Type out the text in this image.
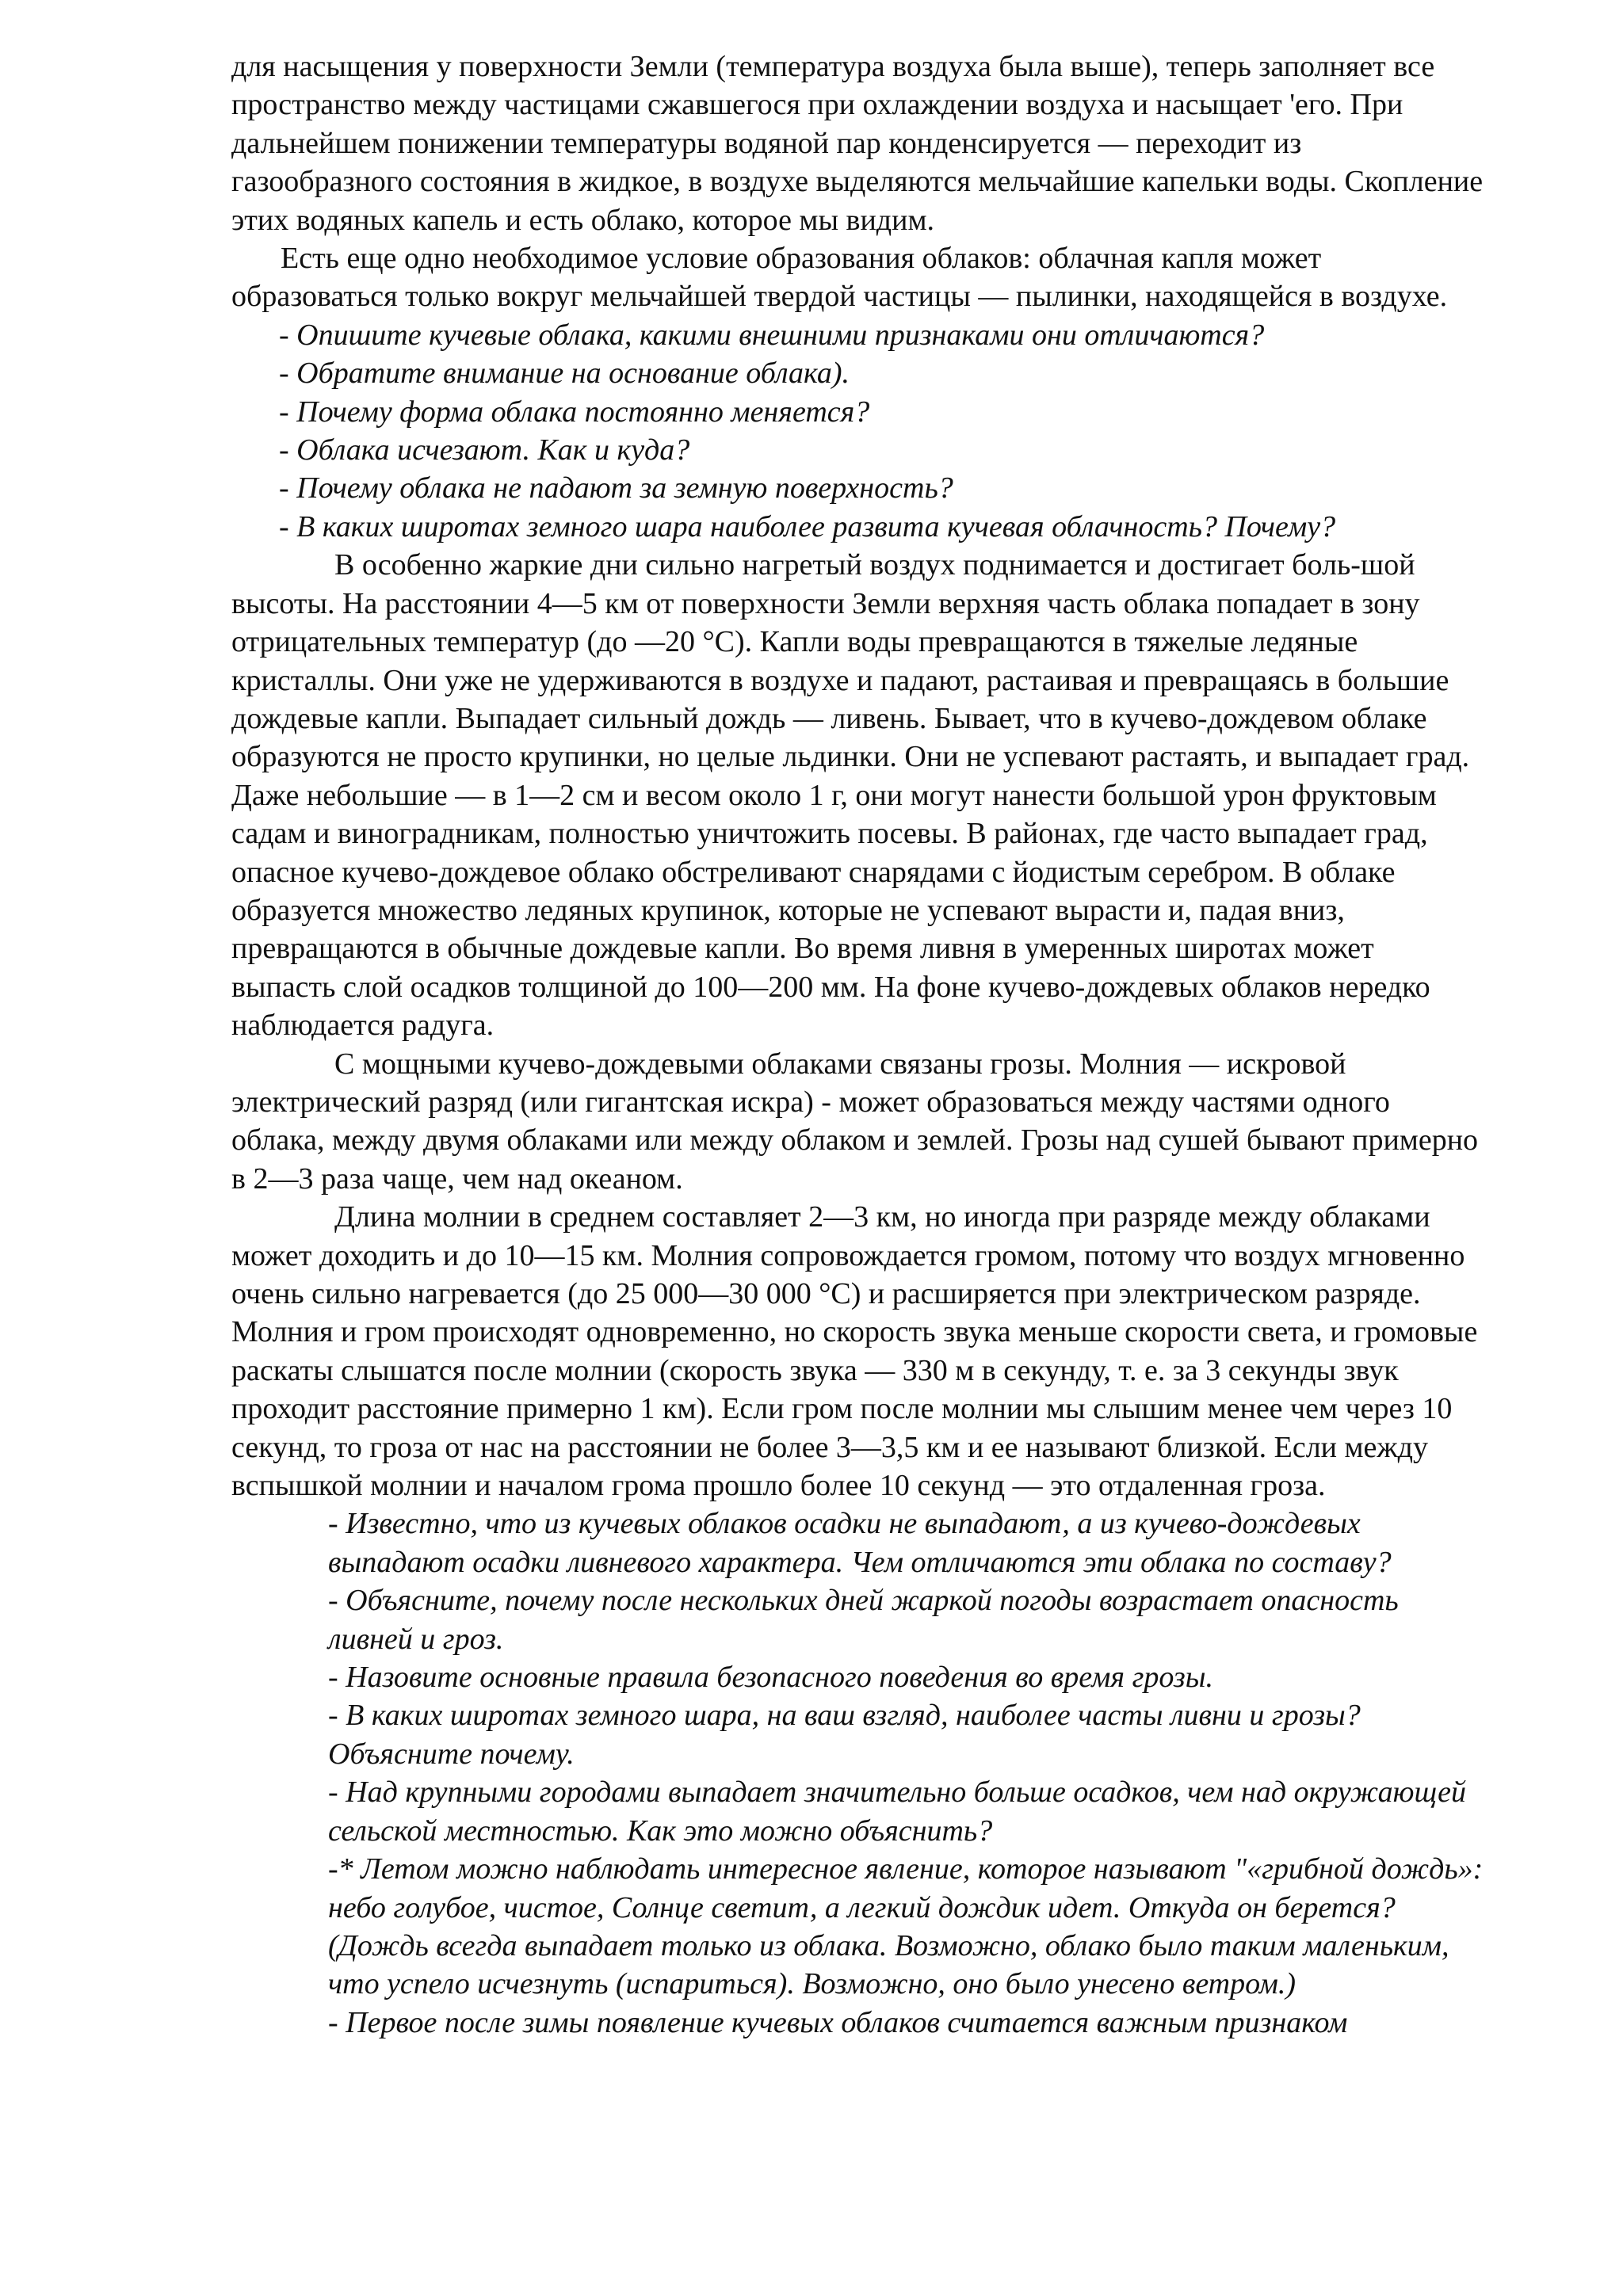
для насыщения у поверхности Земли (температура воздуха была выше), теперь заполняет все пространство между частицами сжавшегося при охлаждении воздуха и насыщает 'его. При дальнейшем понижении температуры водяной пар конденсируется — переходит из газообразного состояния в жидкое, в воздухе выделяются мельчайшие капельки воды. Скопление этих водяных капель и есть облако, которое мы видим.

Есть еще одно необходимое условие образования облаков: облачная капля может образоваться только вокруг мельчайшей твердой частицы — пылинки, находящейся в воздухе.

- Опишите кучевые облака, какими внешними признаками они отличаются?

- Обратите внимание на основание облака).

- Почему форма облака постоянно меняется?

- Облака исчезают. Как и куда?

- Почему облака не падают за земную поверхность?

- В каких широтах земного шара наиболее развита кучевая облачность? Почему?

В особенно жаркие дни сильно нагретый воздух поднимается и достигает боль-шой высоты. На расстоянии 4—5 км от поверхности Земли верхняя часть облака попадает в зону отрицательных температур (до —20 °С). Капли воды превращаются в тяжелые ледяные кристаллы. Они уже не удерживаются в воздухе и падают, растаивая и превращаясь в большие дождевые капли. Выпадает сильный дождь — ливень. Бывает, что в кучево-дождевом облаке образуются не просто крупинки, но целые льдинки. Они не успевают растаять, и выпадает град. Даже небольшие — в 1—2 см и весом около 1 г, они могут нанести большой урон фруктовым садам и виноградникам, полностью уничтожить посевы. В районах, где часто выпадает град, опасное кучево-дождевое облако обстреливают снарядами с йодистым серебром. В облаке образуется множество ледяных крупинок, которые не успевают вырасти и, падая вниз, превращаются в обычные дождевые капли. Во время ливня в умеренных широтах может выпасть слой осадков толщиной до 100—200 мм. На фоне кучево-дождевых облаков нередко наблюдается радуга.

С мощными кучево-дождевыми облаками связаны грозы. Молния — искровой электрический разряд (или гигантская искра) - может образоваться между частями одного облака, между двумя облаками или между облаком и землей. Грозы над сушей бывают примерно в 2—3 раза чаще, чем над океаном.

Длина молнии в среднем составляет 2—3 км, но иногда при разряде между облаками может доходить и до 10—15 км. Молния сопровождается громом, потому что воздух мгновенно очень сильно нагревается (до 25 000—30 000 °С) и расширяется при электрическом разряде. Молния и гром происходят одновременно, но скорость звука меньше скорости света, и громовые раскаты слышатся после молнии (скорость звука — 330 м в секунду, т. е. за 3 секунды звук проходит расстояние примерно 1 км). Если гром после молнии мы слышим менее чем через 10 секунд, то гроза от нас на расстоянии не более 3—3,5 км и ее называют близкой. Если между вспышкой молнии и началом грома прошло более 10 секунд — это отдаленная гроза.

- Известно, что из кучевых облаков осадки не выпадают, а из кучево-дождевых выпадают осадки ливневого характера. Чем отличаются эти облака по составу?

- Объясните, почему после нескольких дней жаркой погоды возрастает опасность ливней и гроз.

- Назовите основные правила безопасного поведения во время грозы.

- В каких широтах земного шара, на ваш взгляд, наиболее часты ливни и грозы? Объясните почему.

- Над крупными городами выпадает значительно больше осадков, чем над окружающей сельской местностью. Как это можно объяснить?

-* Летом можно наблюдать интересное явление, которое называют "«грибной дождь»: небо голубое, чистое, Солнце светит, а легкий дождик идет. Откуда он берется? (Дождь всегда выпадает только из облака. Возможно, облако было таким маленьким, что успело исчезнуть (испариться). Возможно, оно было унесено ветром.)

- Первое после зимы появление кучевых облаков считается важным признаком
